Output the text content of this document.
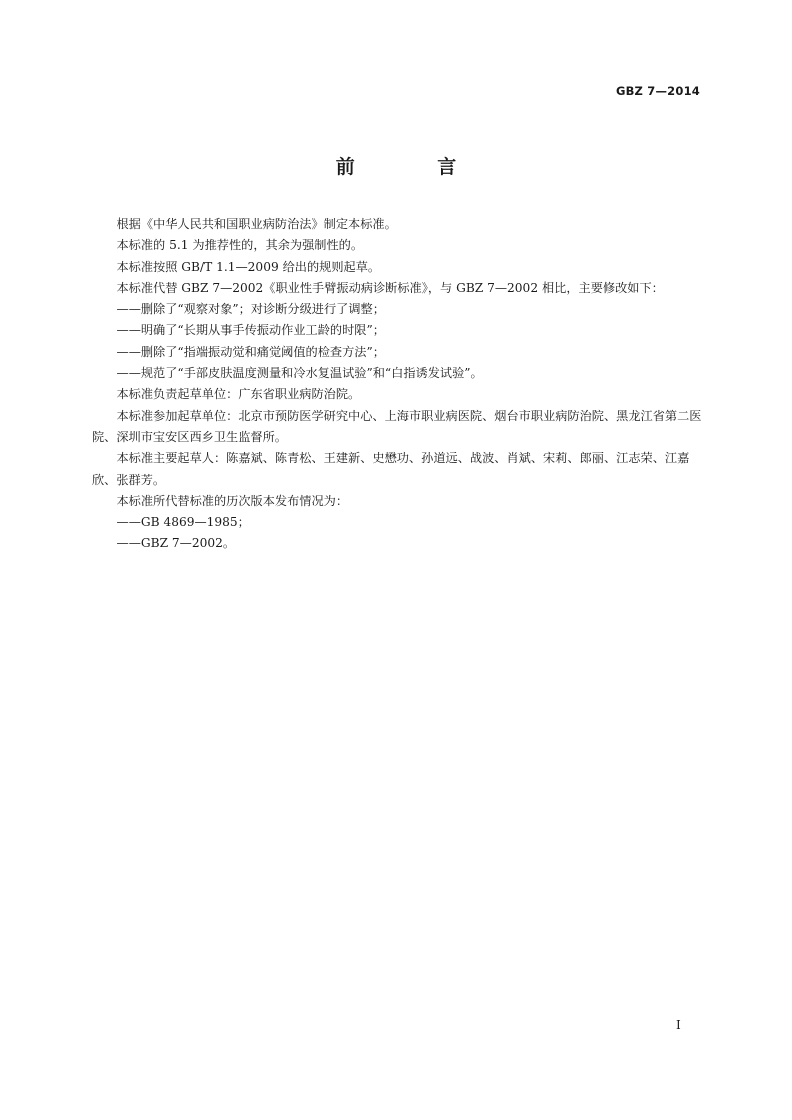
GBZ 7—2014
前 言

根据《中华人民共和国职业病防治法》制定本标准。

本标准的 5.1 为推荐性的，其余为强制性的。

本标准按照 GB/T 1.1—2009 给出的规则起草。

本标准代替 GBZ 7—2002《职业性手臂振动病诊断标准》，与 GBZ 7—2002 相比，主要修改如下：

——删除了“观察对象”；对诊断分级进行了调整；

——明确了“长期从事手传振动作业工龄的时限”；

——删除了“指端振动觉和痛觉阈值的检查方法”；

——规范了“手部皮肤温度测量和冷水复温试验”和“白指诱发试验”。

本标准负责起草单位：广东省职业病防治院。

本标准参加起草单位：北京市预防医学研究中心、上海市职业病医院、烟台市职业病防治院、黑龙江省第二医院、深圳市宝安区西乡卫生监督所。

本标准主要起草人：陈嘉斌、陈青松、王建新、史懋功、孙道远、战波、肖斌、宋莉、郎丽、江志荣、江嘉欣、张群芳。

本标准所代替标准的历次版本发布情况为：

——GB 4869—1985；

——GBZ 7—2002。

I
